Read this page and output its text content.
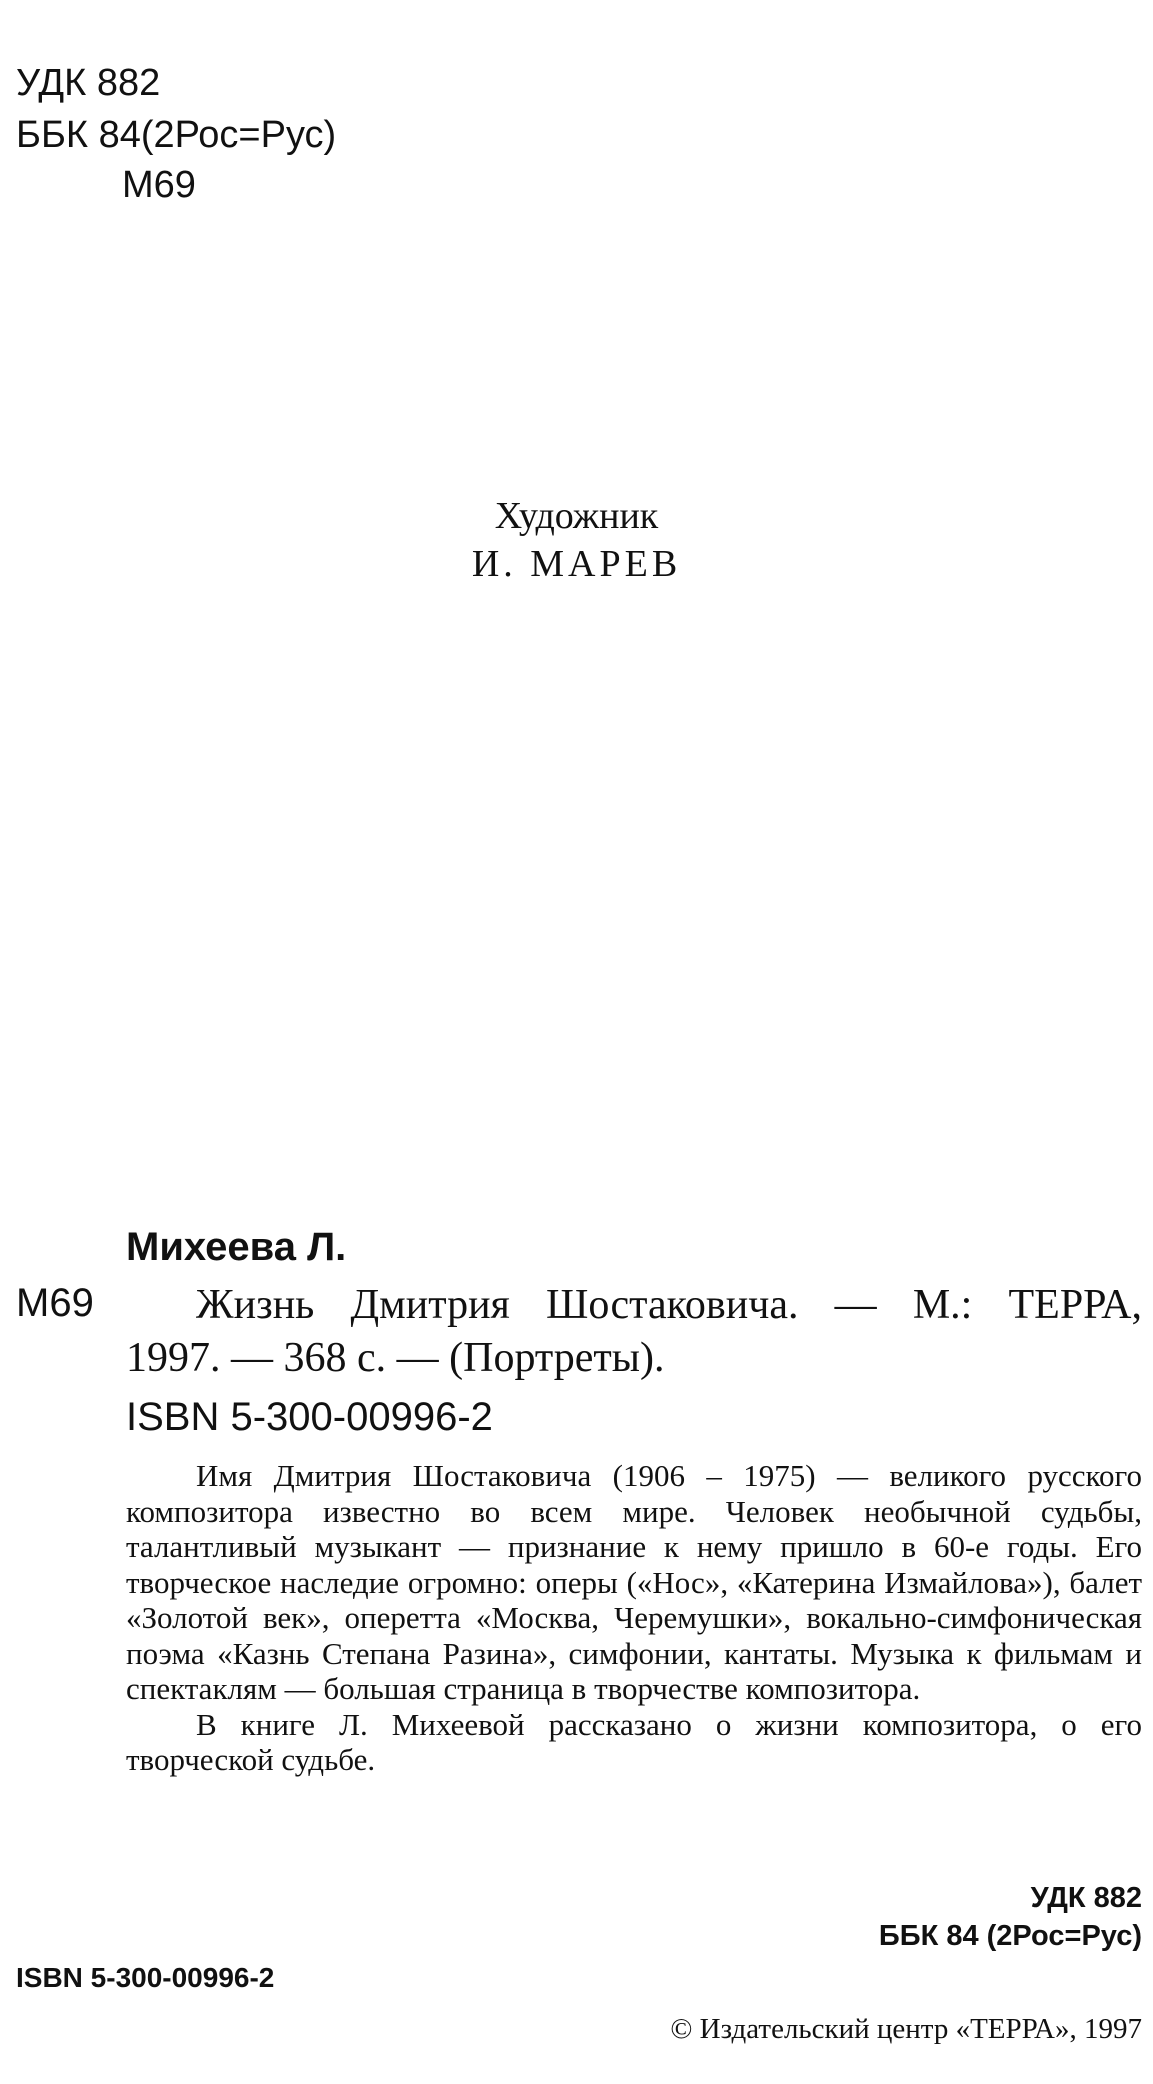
УДК 882
ББК 84(2Рос=Рус)
М69
Художник
И. МАРЕВ
Михеева Л.
М69 Жизнь Дмитрия Шостаковича. — М.: ТЕРРА,
1997. — 368 с. — (Портреты).
ISBN 5-300-00996-2

Имя Дмитрия Шостаковича (1906 – 1975) — великого русского композитора известно во всем мире. Человек необычной судьбы, талантливый музыкант — признание к нему пришло в 60-е годы. Его творческое наследие огромно: оперы («Нос», «Катерина Измайлова»), балет «Золотой век», оперетта «Москва, Черемушки», вокально-симфоническая поэма «Казнь Степана Разина», симфонии, кантаты. Музыка к фильмам и спектаклям — большая страница в творчестве композитора.

В книге Л. Михеевой рассказано о жизни композитора, о его творческой судьбе.

УДК 882
ББК 84 (2Рос=Рус)
ISBN 5-300-00996-2
© Издательский центр «ТЕРРА», 1997
